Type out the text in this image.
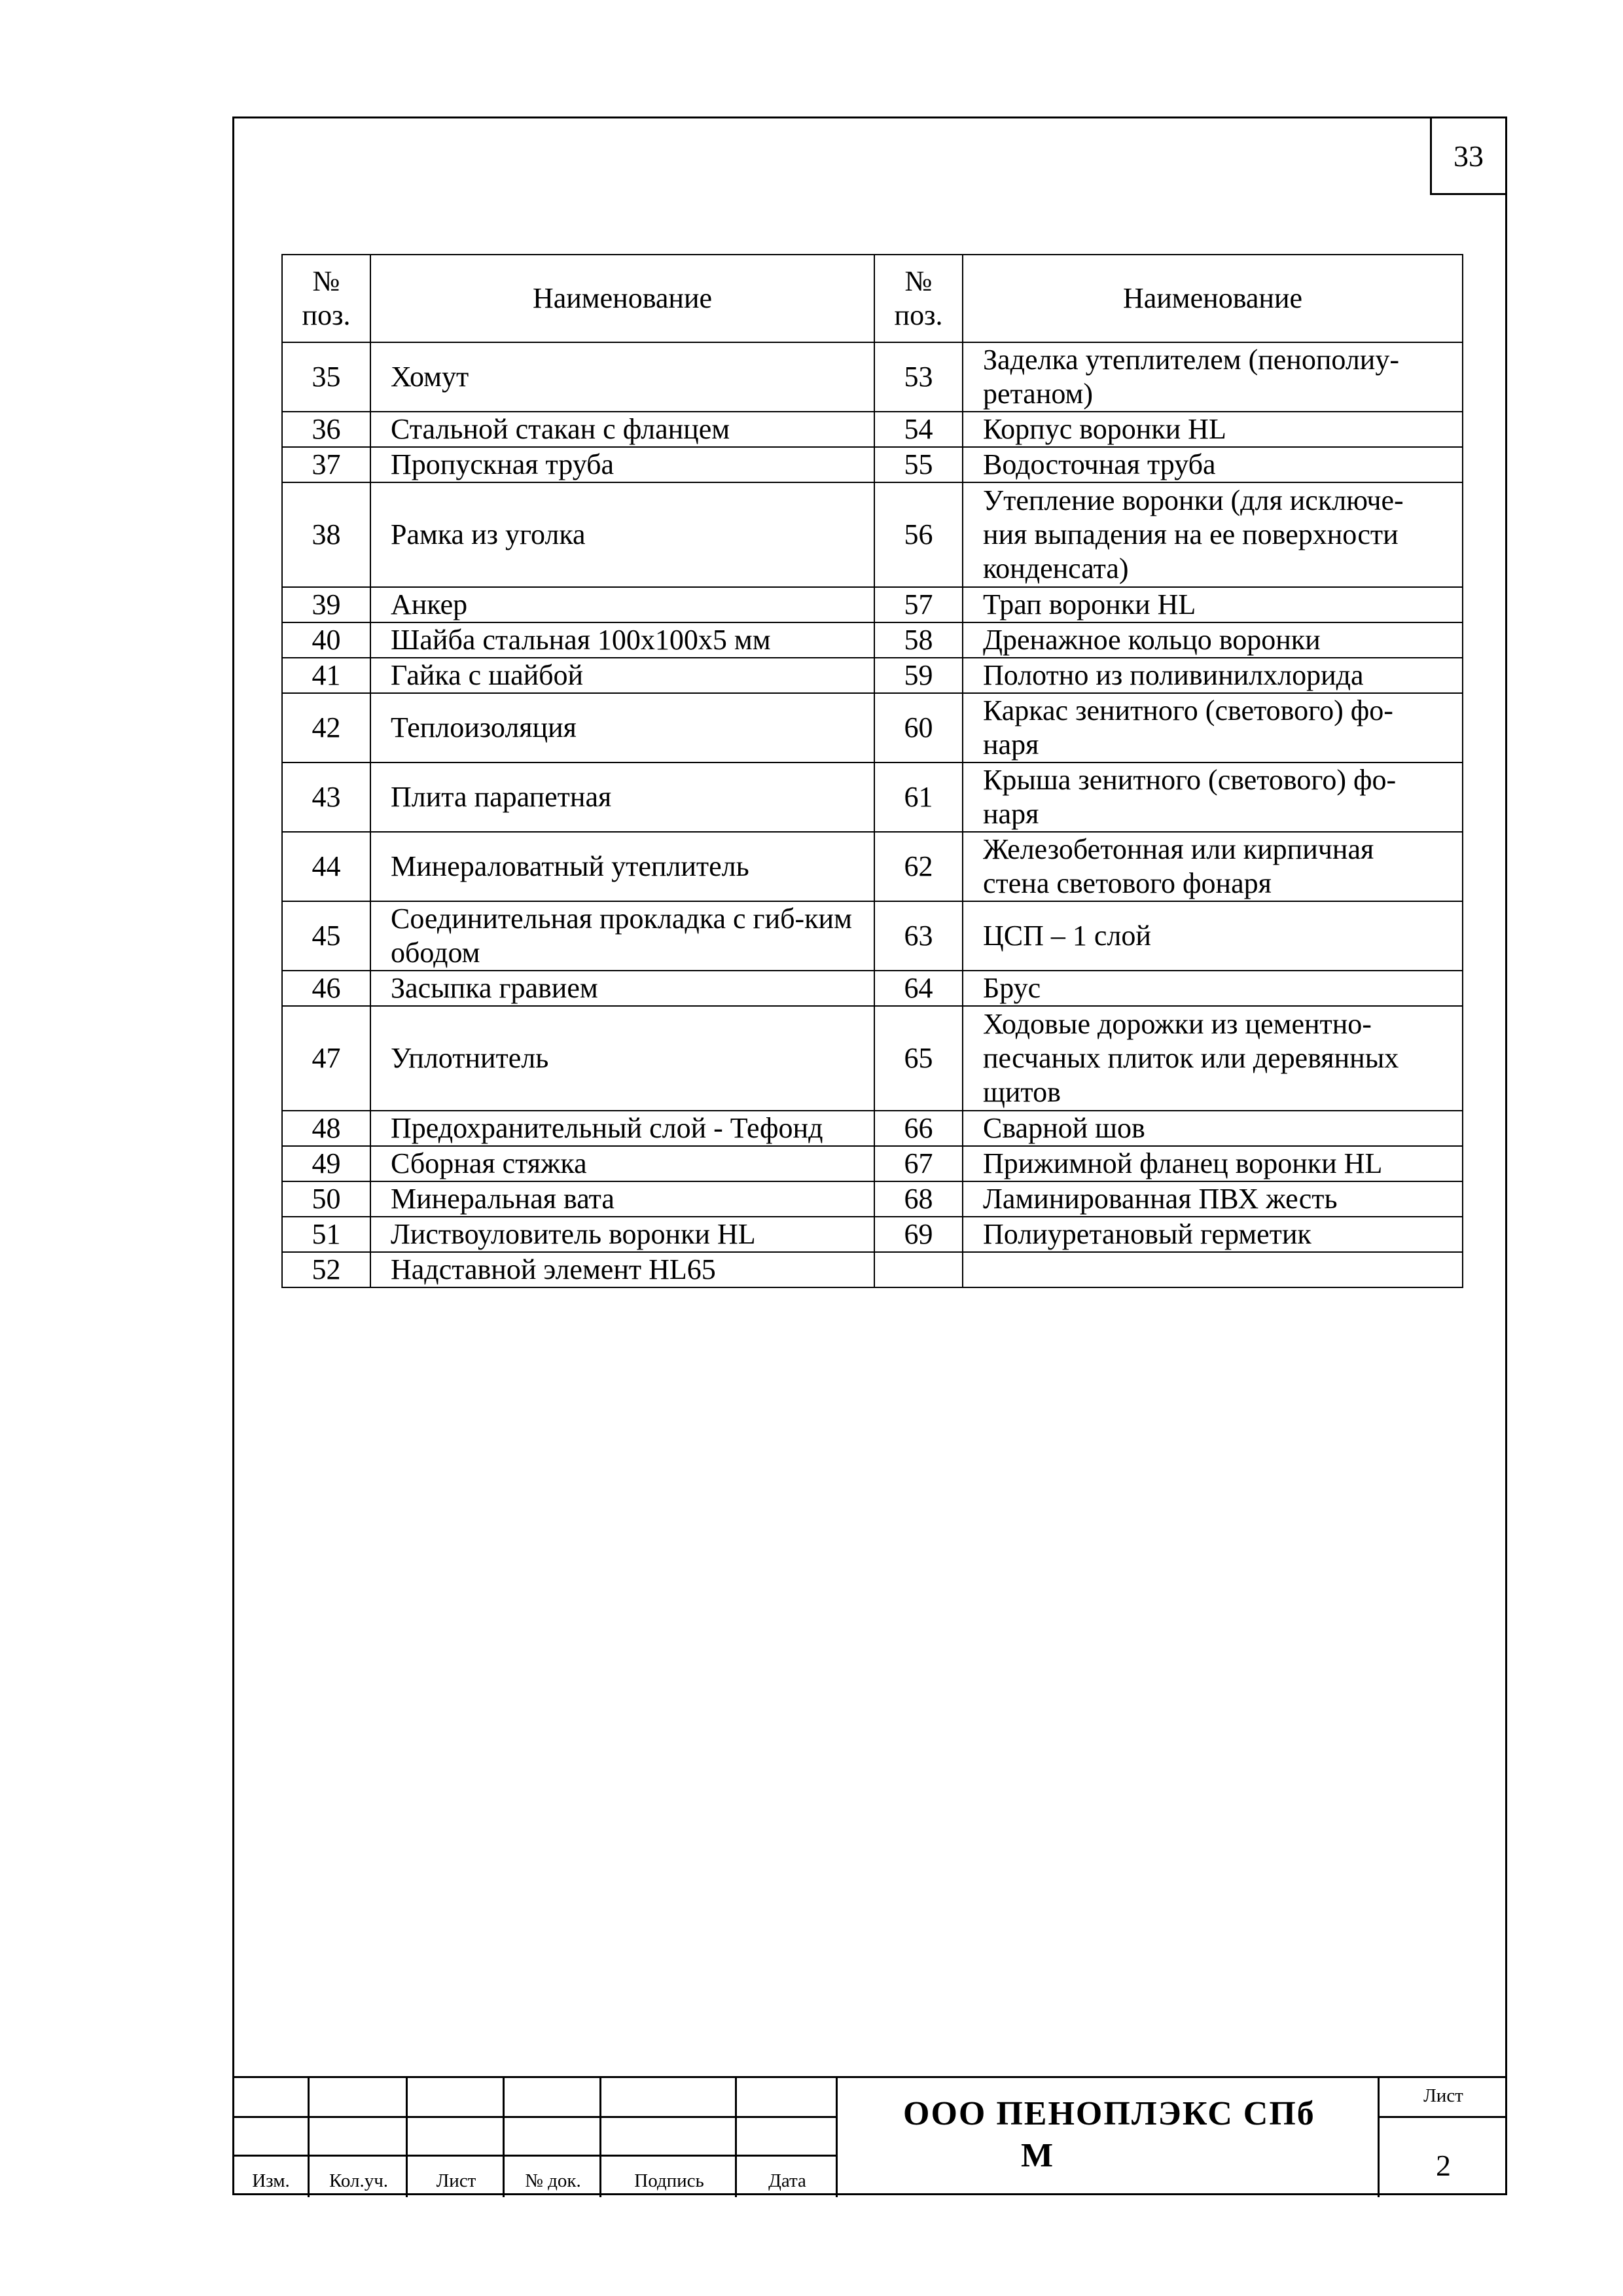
33
№ поз.	Наименование	№ поз.	Наименование
35	Хомут	53	Заделка утеплителем (пенополиу-ретаном)
36	Стальной стакан с фланцем	54	Корпус воронки HL
37	Пропускная труба	55	Водосточная труба
38	Рамка из уголка	56	Утепление воронки (для исключе-ния выпадения на ее поверхности конденсата)
39	Анкер	57	Трап воронки HL
40	Шайба стальная 100x100x5 мм	58	Дренажное кольцо воронки
41	Гайка с шайбой	59	Полотно из поливинилхлорида
42	Теплоизоляция	60	Каркас зенитного (светового) фо-наря
43	Плита парапетная	61	Крыша зенитного (светового) фо-наря
44	Минераловатный утеплитель	62	Железобетонная или кирпичная стена светового фонаря
45	Соединительная прокладка с гиб-ким ободом	63	ЦСП – 1 слой
46	Засыпка гравием	64	Брус
47	Уплотнитель	65	Ходовые дорожки из цементно-песчаных плиток или деревянных щитов
48	Предохранительный слой - Тефонд	66	Сварной шов
49	Сборная стяжка	67	Прижимной фланец воронки HL
50	Минеральная вата	68	Ламинированная ПВХ жесть
51	Листвоуловитель воронки HL	69	Полиуретановый герметик
52	Надставной элемент HL65		
Изм.	Кол.уч.	Лист	№ док.	Подпись	Дата
ООО ПЕНОПЛЭКС СПб
М
Лист
2
